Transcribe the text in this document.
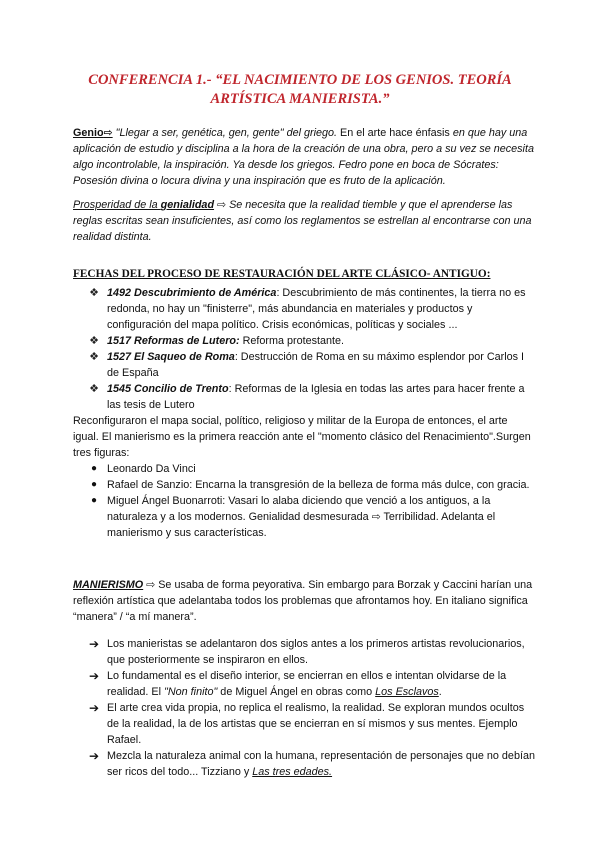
CONFERENCIA 1.- “EL NACIMIENTO DE LOS GENIOS. TEORÍA
ARTÍSTICA MANIERISTA.”
Genio⇨ "Llegar a ser, genética, gen, gente" del griego. En el arte hace énfasis en que hay una aplicación de estudio y disciplina a la hora de la creación de una obra, pero a su vez se necesita algo incontrolable, la inspiración. Ya desde los griegos. Fedro pone en boca de Sócrates: Posesión divina o locura divina y una inspiración que es fruto de la aplicación.
Prosperidad de la genialidad ⇨ Se necesita que la realidad tiemble y que el aprenderse las reglas escritas sean insuficientes, así como los reglamentos se estrellan al encontrarse con una realidad distinta.
FECHAS DEL PROCESO DE RESTAURACIÓN DEL ARTE CLÁSICO- ANTIGUO:
❖ 1492 Descubrimiento de América: Descubrimiento de más continentes, la tierra no es redonda, no hay un "finisterre", más abundancia en materiales y productos y configuración del mapa político. Crisis económicas, políticas y sociales ...
❖ 1517 Reformas de Lutero: Reforma protestante.
❖ 1527 El Saqueo de Roma: Destrucción de Roma en su máximo esplendor por Carlos I de España
❖ 1545 Concilio de Trento: Reformas de la Iglesia en todas las artes para hacer frente a las tesis de Lutero
Reconfiguraron el mapa social, político, religioso y militar de la Europa de entonces, el arte igual. El manierismo es la primera reacción ante el "momento clásico del Renacimiento".Surgen tres figuras:
● Leonardo Da Vinci
● Rafael de Sanzio: Encarna la transgresión de la belleza de forma más dulce, con gracia.
● Miguel Ángel Buonarroti: Vasari lo alaba diciendo que venció a los antiguos, a la naturaleza y a los modernos. Genialidad desmesurada ⇨ Terribilidad. Adelanta el manierismo y sus características.
MANIERISMO ⇨ Se usaba de forma peyorativa. Sin embargo para Borzak y Caccini harían una reflexión artística que adelantaba todos los problemas que afrontamos hoy. En italiano significa “manera” / “a mí manera”.
➔ Los manieristas se adelantaron dos siglos antes a los primeros artistas revolucionarios, que posteriormente se inspiraron en ellos.
➔ Lo fundamental es el diseño interior, se encierran en ellos e intentan olvidarse de la realidad. El "Non finito" de Miguel Ángel en obras como Los Esclavos.
➔ El arte crea vida propia, no replica el realismo, la realidad. Se exploran mundos ocultos de la realidad, la de los artistas que se encierran en sí mismos y sus mentes. Ejemplo Rafael.
➔ Mezcla la naturaleza animal con la humana, representación de personajes que no debían ser ricos del todo... Tizziano y Las tres edades.
